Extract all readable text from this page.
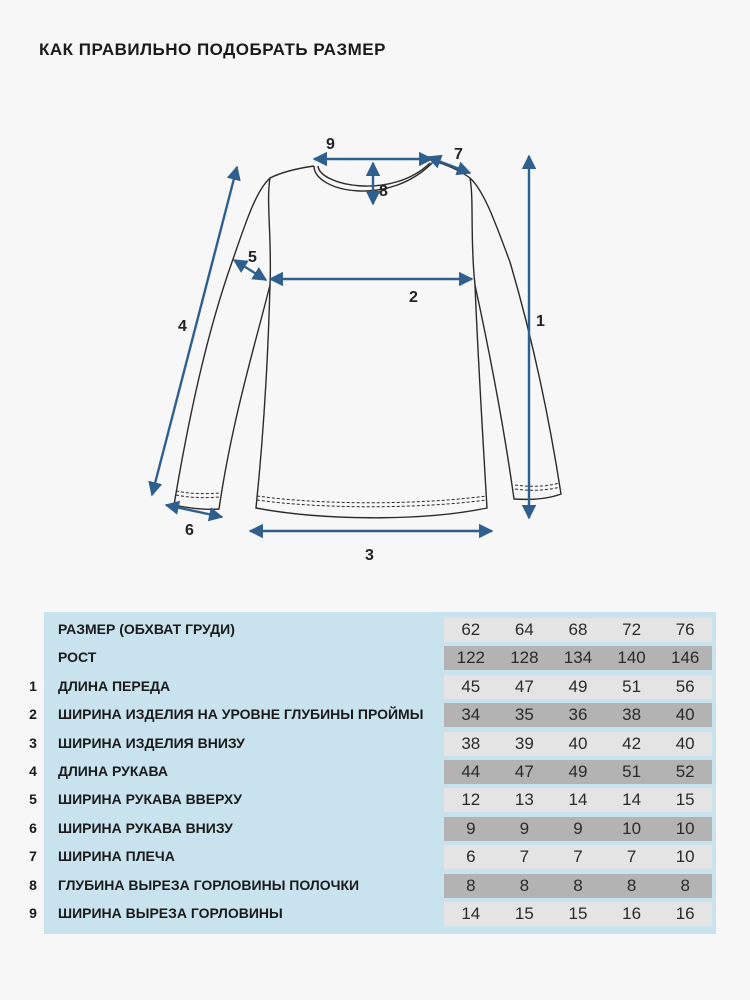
КАК ПРАВИЛЬНО ПОДОБРАТЬ РАЗМЕР
1
2
3
4
5
6
7
8
9
РАЗМЕР (ОБХВАТ ГРУДИ)	62	64	68	72	76
РОСТ	122	128	134	140	146
1 ДЛИНА ПЕРЕДА	45	47	49	51	56
2 ШИРИНА ИЗДЕЛИЯ НА УРОВНЕ ГЛУБИНЫ ПРОЙМЫ	34	35	36	38	40
3 ШИРИНА ИЗДЕЛИЯ ВНИЗУ	38	39	40	42	40
4 ДЛИНА РУКАВА	44	47	49	51	52
5 ШИРИНА РУКАВА ВВЕРХУ	12	13	14	14	15
6 ШИРИНА РУКАВА ВНИЗУ	9	9	9	10	10
7 ШИРИНА ПЛЕЧА	6	7	7	7	10
8 ГЛУБИНА ВЫРЕЗА ГОРЛОВИНЫ ПОЛОЧКИ	8	8	8	8	8
9 ШИРИНА ВЫРЕЗА ГОРЛОВИНЫ	14	15	15	16	16
